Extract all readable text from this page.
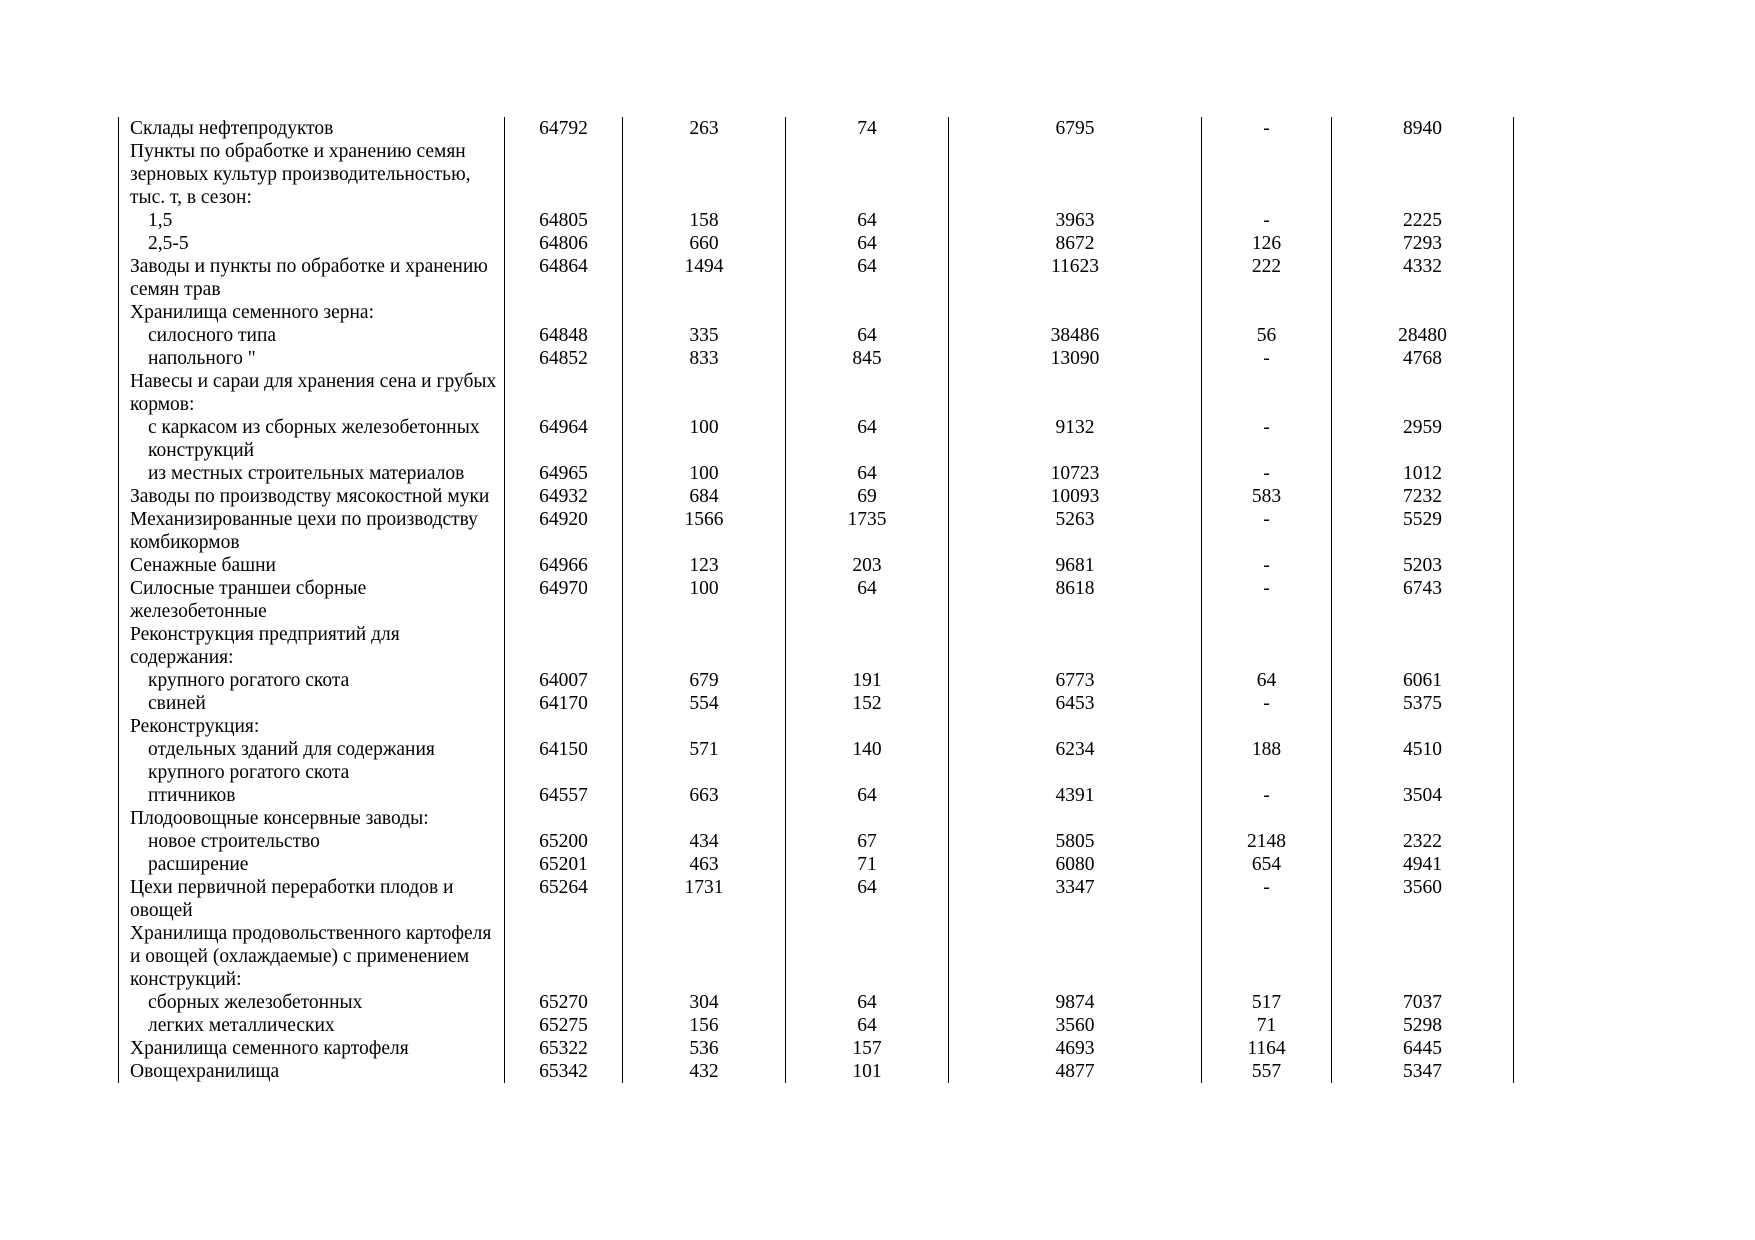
Склады нефтепродуктов	64792	263	74	6795	-	8940
Пункты по обработке и хранению семян зерновых культур производительностью, тыс. т, в сезон:						
1,5	64805	158	64	3963	-	2225
2,5-5	64806	660	64	8672	126	7293
Заводы и пункты по обработке и хранению семян трав	64864	1494	64	11623	222	4332
Хранилища семенного зерна:						
силосного типа	64848	335	64	38486	56	28480
напольного "	64852	833	845	13090	-	4768
Навесы и сараи для хранения сена и грубых кормов:						
с каркасом из сборных железобетонных конструкций	64964	100	64	9132	-	2959
из местных строительных материалов	64965	100	64	10723	-	1012
Заводы по производству мясокостной муки	64932	684	69	10093	583	7232
Механизированные цехи по производству комбикормов	64920	1566	1735	5263	-	5529
Сенажные башни	64966	123	203	9681	-	5203
Силосные траншеи сборные железобетонные	64970	100	64	8618	-	6743
Реконструкция предприятий для содержания:						
крупного рогатого скота	64007	679	191	6773	64	6061
свиней	64170	554	152	6453	-	5375
Реконструкция:						
отдельных зданий для содержания крупного рогатого скота	64150	571	140	6234	188	4510
птичников	64557	663	64	4391	-	3504
Плодоовощные консервные заводы:						
новое строительство	65200	434	67	5805	2148	2322
расширение	65201	463	71	6080	654	4941
Цехи первичной переработки плодов и овощей	65264	1731	64	3347	-	3560
Хранилища продовольственного картофеля и овощей (охлаждаемые) с применением конструкций:						
сборных железобетонных	65270	304	64	9874	517	7037
легких металлических	65275	156	64	3560	71	5298
Хранилища семенного картофеля	65322	536	157	4693	1164	6445
Овощехранилища	65342	432	101	4877	557	5347
